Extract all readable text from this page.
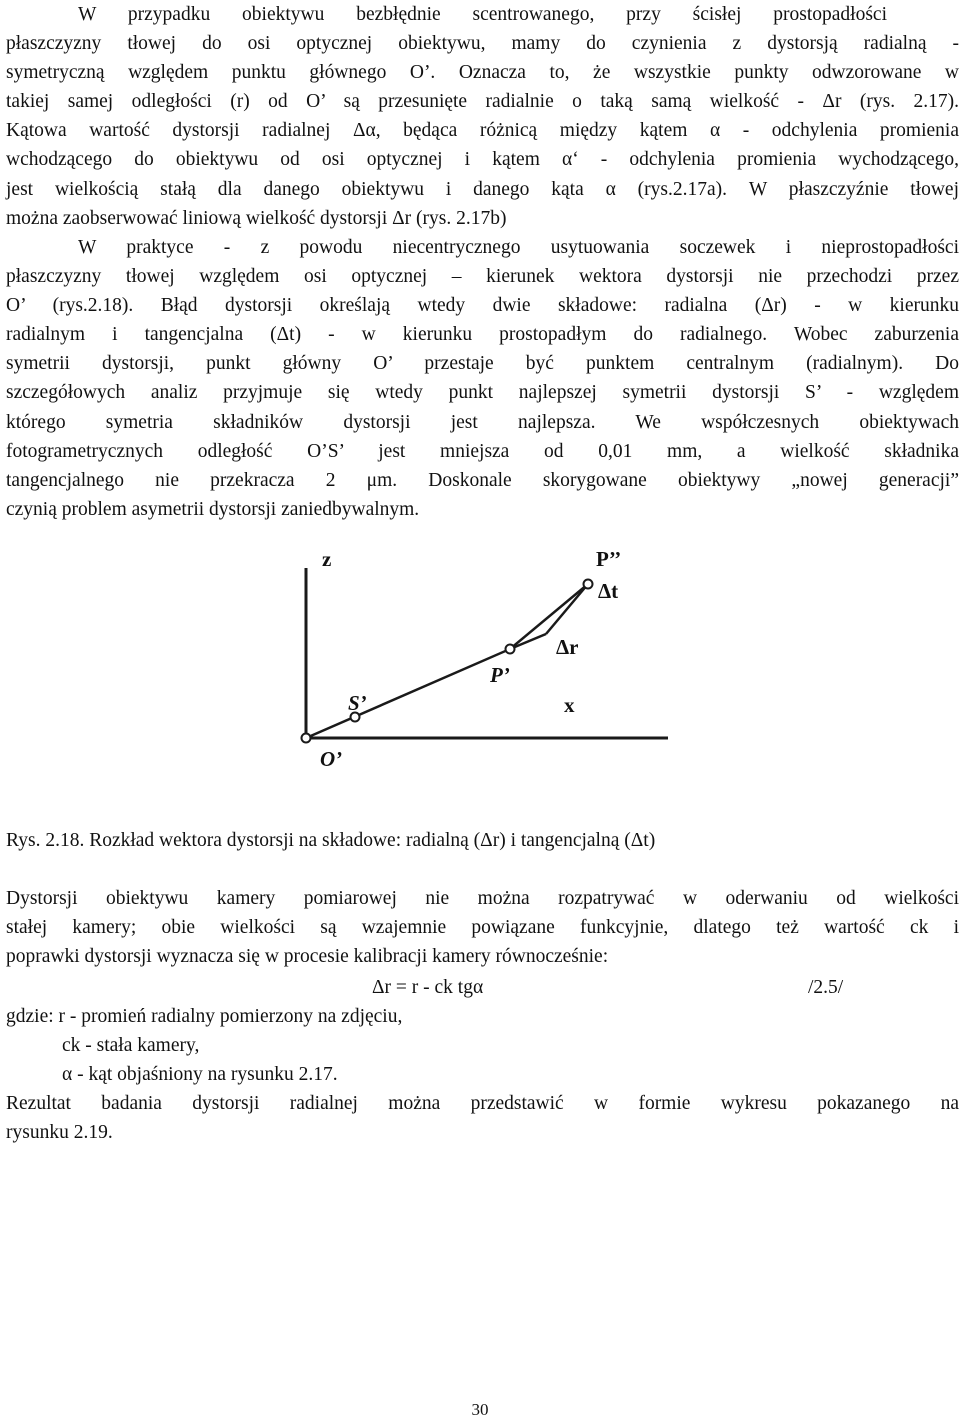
W przypadku obiektywu bezbłędnie scentrowanego, przy ścisłej prostopadłości
płaszczyzny tłowej do osi optycznej obiektywu, mamy do czynienia z dystorsją radialną -
symetryczną względem punktu głównego O’. Oznacza to, że wszystkie punkty odwzorowane w
takiej samej odległości (r) od O’ są przesunięte radialnie o taką samą wielkość - Δr (rys. 2.17).
Kątowa wartość dystorsji radialnej Δα, będąca różnicą między kątem α - odchylenia promienia
wchodzącego do obiektywu od osi optycznej i kątem α‘ - odchylenia promienia wychodzącego,
jest wielkością stałą dla danego obiektywu i danego kąta α (rys.2.17a). W płaszczyźnie tłowej
można zaobserwować liniową wielkość dystorsji Δr (rys. 2.17b)
W praktyce - z powodu niecentrycznego usytuowania soczewek i nieprostopadłości
płaszczyzny tłowej względem osi optycznej – kierunek wektora dystorsji nie przechodzi przez
O’ (rys.2.18). Błąd dystorsji określają wtedy dwie składowe: radialna (Δr) - w kierunku
radialnym i tangencjalna (Δt) - w kierunku prostopadłym do radialnego. Wobec zaburzenia
symetrii dystorsji, punkt główny O’ przestaje być punktem centralnym (radialnym). Do
szczegółowych analiz przyjmuje się wtedy punkt najlepszej symetrii dystorsji S’ - względem
którego symetria składników dystorsji jest najlepsza. We współczesnych obiektywach
fotogrametrycznych odległość O’S’ jest mniejsza od 0,01 mm, a wielkość składnika
tangencjalnego nie przekracza 2 μm. Doskonale skorygowane obiektywy „nowej generacji”
czynią problem asymetrii dystorsji zaniedbywalnym.
z	P’’
Δt
Δr
P’
S’	x
O’
Rys. 2.18. Rozkład wektora dystorsji na składowe: radialną (Δr) i tangencjalną (Δt)
Dystorsji obiektywu kamery pomiarowej nie można rozpatrywać w oderwaniu od wielkości
stałej kamery; obie wielkości są wzajemnie powiązane funkcyjnie, dlatego też wartość ck i
poprawki dystorsji wyznacza się w procesie kalibracji kamery równocześnie:
Δr = r - ck tgα	/2.5/
gdzie: r - promień radialny pomierzony na zdjęciu,
ck - stała kamery,
α - kąt objaśniony na rysunku 2.17.
Rezultat badania dystorsji radialnej można przedstawić w formie wykresu pokazanego na
rysunku 2.19.
30
